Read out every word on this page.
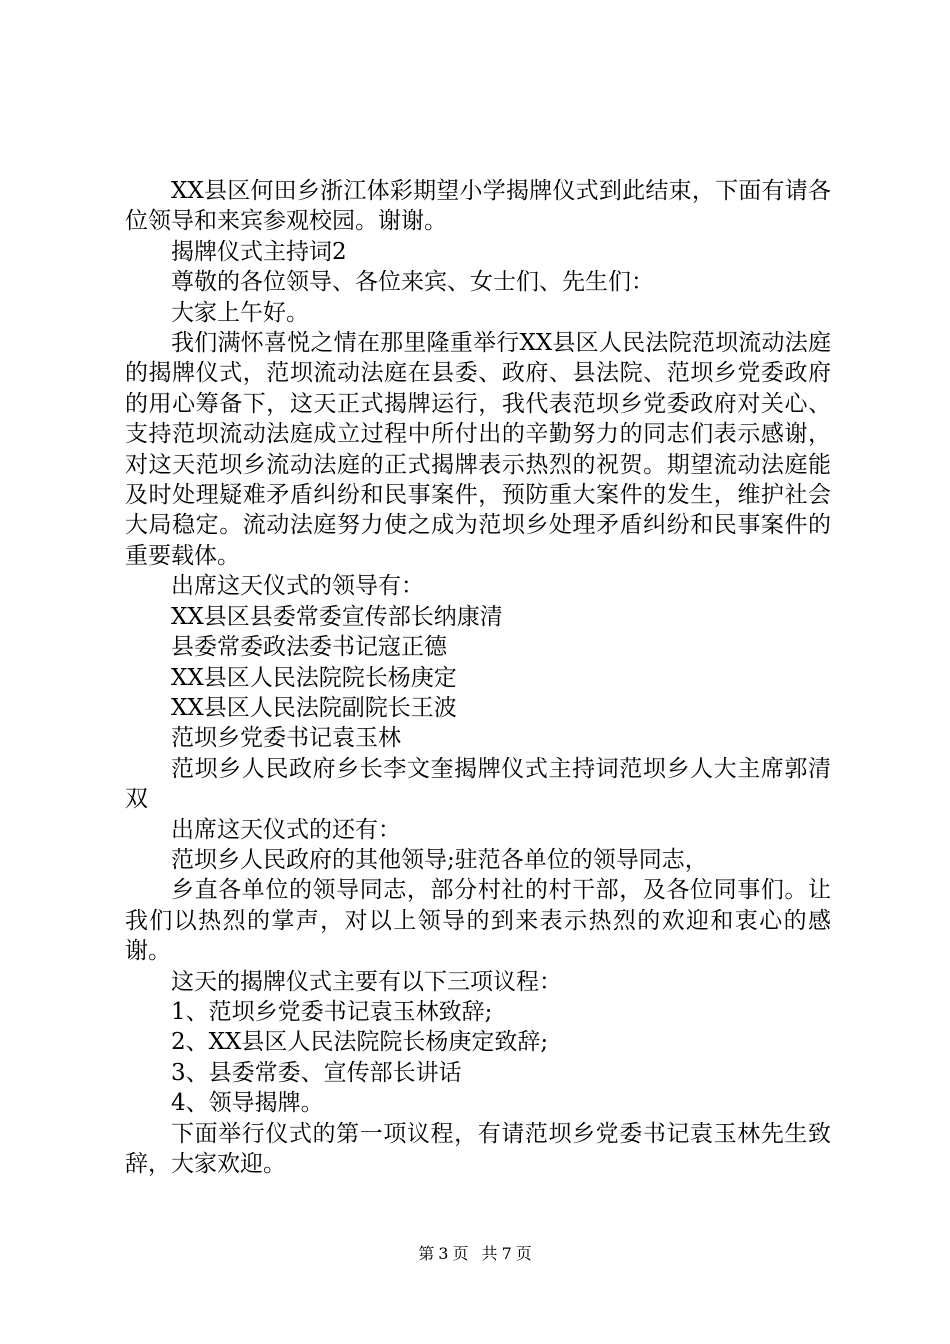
XX县区何田乡浙江体彩期望小学揭牌仪式到此结束，下面有请各位领导和来宾参观校园。谢谢。

揭牌仪式主持词2

尊敬的各位领导、各位来宾、女士们、先生们：

大家上午好。

我们满怀喜悦之情在那里隆重举行XX县区人民法院范坝流动法庭的揭牌仪式，范坝流动法庭在县委、政府、县法院、范坝乡党委政府的用心筹备下，这天正式揭牌运行，我代表范坝乡党委政府对关心、支持范坝流动法庭成立过程中所付出的辛勤努力的同志们表示感谢，对这天范坝乡流动法庭的正式揭牌表示热烈的祝贺。期望流动法庭能及时处理疑难矛盾纠纷和民事案件，预防重大案件的发生，维护社会大局稳定。流动法庭努力使之成为范坝乡处理矛盾纠纷和民事案件的重要载体。

出席这天仪式的领导有：

XX县区县委常委宣传部长纳康清

县委常委政法委书记寇正德

XX县区人民法院院长杨庚定

XX县区人民法院副院长王波

范坝乡党委书记袁玉林

范坝乡人民政府乡长李文奎揭牌仪式主持词范坝乡人大主席郭清双

出席这天仪式的还有：

范坝乡人民政府的其他领导;驻范各单位的领导同志，

乡直各单位的领导同志，部分村社的村干部，及各位同事们。让我们以热烈的掌声，对以上领导的到来表示热烈的欢迎和衷心的感谢。

这天的揭牌仪式主要有以下三项议程：

1、范坝乡党委书记袁玉林致辞;

2、XX县区人民法院院长杨庚定致辞;

3、县委常委、宣传部长讲话

4、领导揭牌。

下面举行仪式的第一项议程，有请范坝乡党委书记袁玉林先生致辞，大家欢迎。

第 3 页 共 7 页
